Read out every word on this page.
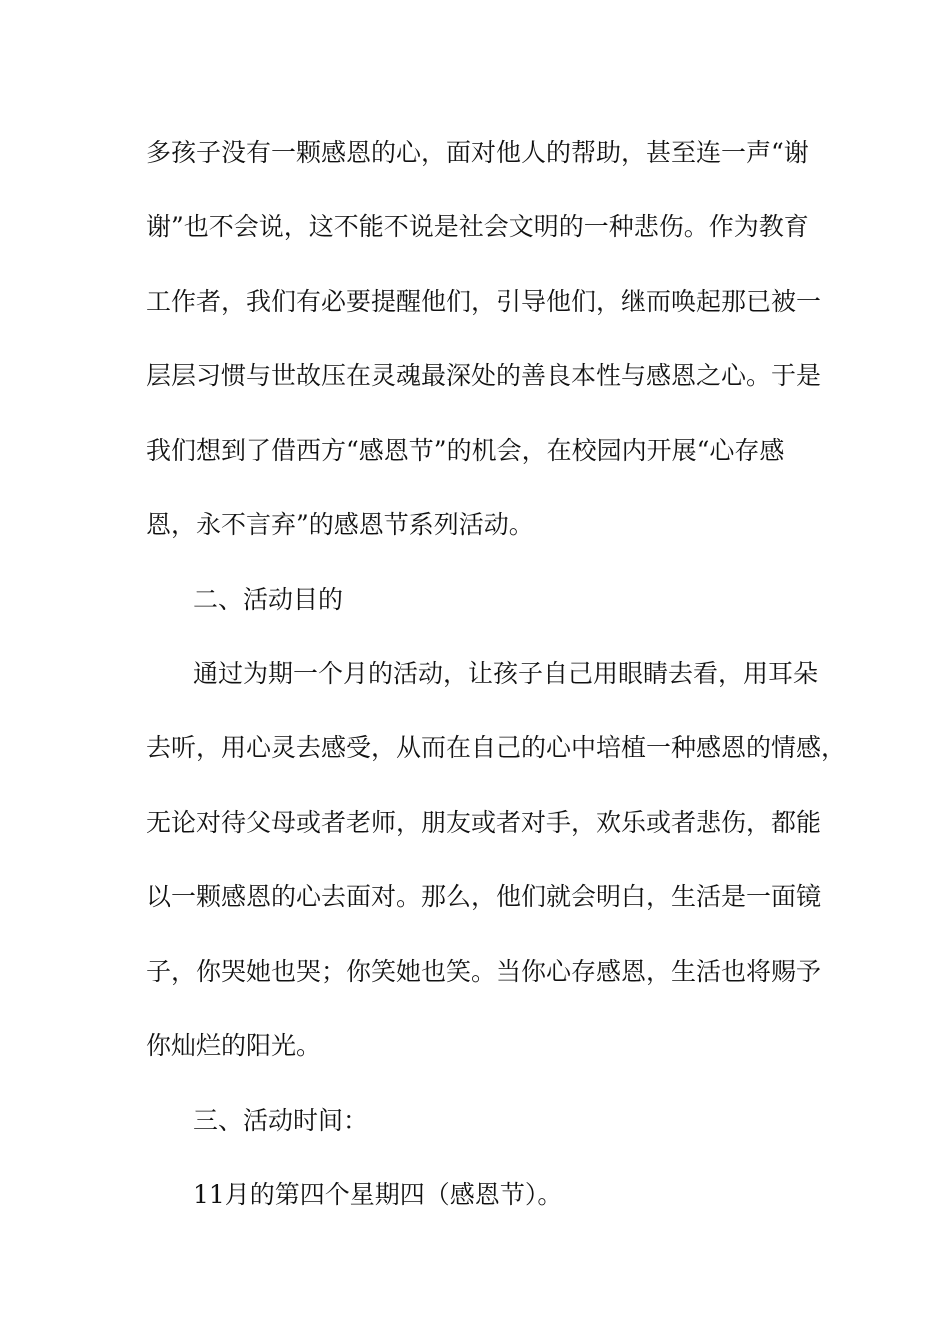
多孩子没有一颗感恩的心，面对他人的帮助，甚至连一声“谢

谢”也不会说，这不能不说是社会文明的一种悲伤。作为教育

工作者，我们有必要提醒他们，引导他们，继而唤起那已被一

层层习惯与世故压在灵魂最深处的善良本性与感恩之心。于是

我们想到了借西方“感恩节”的机会，在校园内开展“心存感

恩，永不言弃”的感恩节系列活动。

二、活动目的

通过为期一个月的活动，让孩子自己用眼睛去看，用耳朵

去听，用心灵去感受，从而在自己的心中培植一种感恩的情感，

无论对待父母或者老师，朋友或者对手，欢乐或者悲伤，都能

以一颗感恩的心去面对。那么，他们就会明白，生活是一面镜

子，你哭她也哭；你笑她也笑。当你心存感恩，生活也将赐予

你灿烂的阳光。

三、活动时间：

11月的第四个星期四（感恩节）。
